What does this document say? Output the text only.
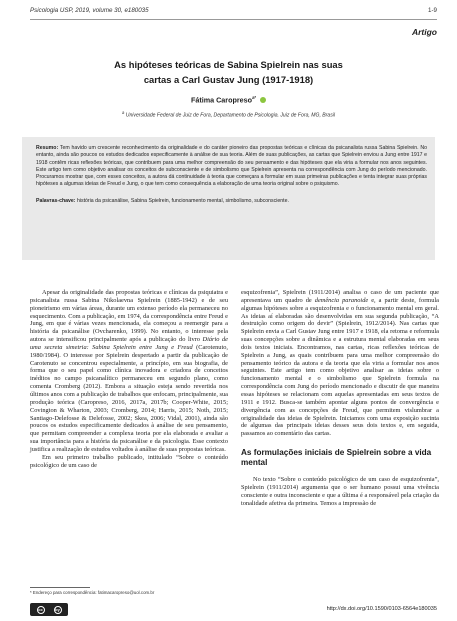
Psicologia USP, 2019, volume 30, e180035	1-9
Artigo
As hipóteses teóricas de Sabina Spielrein nas suas
cartas a Carl Gustav Jung (1917-1918)
Fátima Caropreso$^{a*}$
$^a$ Universidade Federal de Juiz de Fora, Departamento de Psicologia. Juiz de Fora, MG, Brasil

Resumo: Tem havido um crescente reconhecimento da originalidade e do caráter pioneiro das propostas teóricas e clínicas da psicanalista russa Sabina Spielrein. No entanto, ainda são poucos os estudos dedicados especificamente à análise de sua teoria. Além de suas publicações, as cartas que Spielrein enviou a Jung entre 1917 e 1918 contêm ricas reflexões teóricas, que contribuem para uma melhor compreensão do seu pensamento e das hipóteses que ela viria a formular nos anos seguintes. Este artigo tem como objetivo analisar os conceitos de subconsciente e de simbolismo que Spielrein apresenta na correspondência com Jung do período mencionado. Procuramos mostrar que, com esses conceitos, a autora dá continuidade à teoria que começara a formular em suas primeiras publicações e tenta integrar suas próprias hipóteses a algumas ideias de Freud e Jung, o que tem como consequência a elaboração de uma teoria original sobre o psiquismo.

Palavras-chave: história da psicanálise, Sabina Spielrein, funcionamento mental, simbolismo, subconsciente.

Apesar da originalidade das propostas teóricas e clínicas da psiquiatra e psicanalista russa Sabina Nikolaevna Spielrein (1885-1942) e de seu pioneirismo em várias áreas, durante um extenso período ela permaneceu no esquecimento. Com a publicação, em 1974, da correspondência entre Freud e Jung, em que é várias vezes mencionada, ela começou a reemergir para a história da psicanálise (Ovcharenko, 1999). No entanto, o interesse pela autora se intensificou principalmente após a publicação do livro Diário de uma secreta simetria: Sabina Spielrein entre Jung e Freud (Carotenuto, 1980/1984). O interesse por Spielrein despertado a partir da publicação de Carotenuto se concentrou especialmente, a princípio, em sua biografia, de forma que o seu papel como clínica inovadora e criadora de conceitos inéditos no campo psicanalítico permaneceu em segundo plano, como comenta Cromberg (2012). Embora a situação esteja sendo revertida nos últimos anos com a publicação de trabalhos que enfocam, principalmente, sua produção teórica (Caropreso, 2016, 2017a, 2017b; Cooper-White, 2015; Covington & Wharton, 2003; Cromberg, 2014; Harris, 2015; Noth, 2015; Santiago-Delefosse & Delefosse, 2002; Skea, 2006; Vidal, 2001), ainda são poucos os estudos especificamente dedicados à análise de seu pensamento, que permitam compreender a complexa teoria por ela elaborada e avaliar a sua importância para a história da psicanálise e da psicologia. Esse contexto justifica a realização de estudos voltados à análise de suas propostas teóricas.

Em seu primeiro trabalho publicado, intitulado “Sobre o conteúdo psicológico de um caso de

esquizofrenia”, Spielrein (1911/2014) analisa o caso de um paciente que apresentava um quadro de demência paranoide e, a partir deste, formula algumas hipóteses sobre a esquizofrenia e o funcionamento mental em geral. As ideias aí elaboradas são desenvolvidas em sua segunda publicação, “A destruição como origem do devir” (Spielrein, 1912/2014). Nas cartas que Spielrein envia a Carl Gustav Jung entre 1917 e 1918, ela retoma e reformula suas concepções sobre a dinâmica e a estrutura mental elaboradas em seus dois textos iniciais. Encontramos, nas cartas, ricas reflexões teóricas de Spielrein a Jung, as quais contribuem para uma melhor compreensão do pensamento teórico da autora e da teoria que ela viria a formular nos anos seguintes. Este artigo tem como objetivo analisar as ideias sobre o funcionamento mental e o simbolismo que Spielrein formula na correspondência com Jung do período mencionado e discutir de que maneira essas hipóteses se relacionam com aquelas apresentadas em seus textos de 1911 e 1912. Busca-se também apontar alguns pontos de convergência e divergência com as concepções de Freud, que permitem vislumbrar a originalidade das ideias de Spielrein. Iniciamos com uma exposição sucinta de algumas das principais ideias desses seus dois textos e, em seguida, passamos ao comentário das cartas.

As formulações iniciais de Spielrein sobre a vida mental

No texto “Sobre o conteúdo psicológico de um caso de esquizofrenia”, Spielrein (1911/2014) argumenta que o ser humano possui uma vivência consciente e outra inconsciente e que a última é a responsável pela criação da tonalidade afetiva da primeira. Temos a impressão de

* Endereço para correspondência: fatimacaropreso@uol.com.br
cc	by	http://dx.doi.org/10.1590/0103-6564e180035
